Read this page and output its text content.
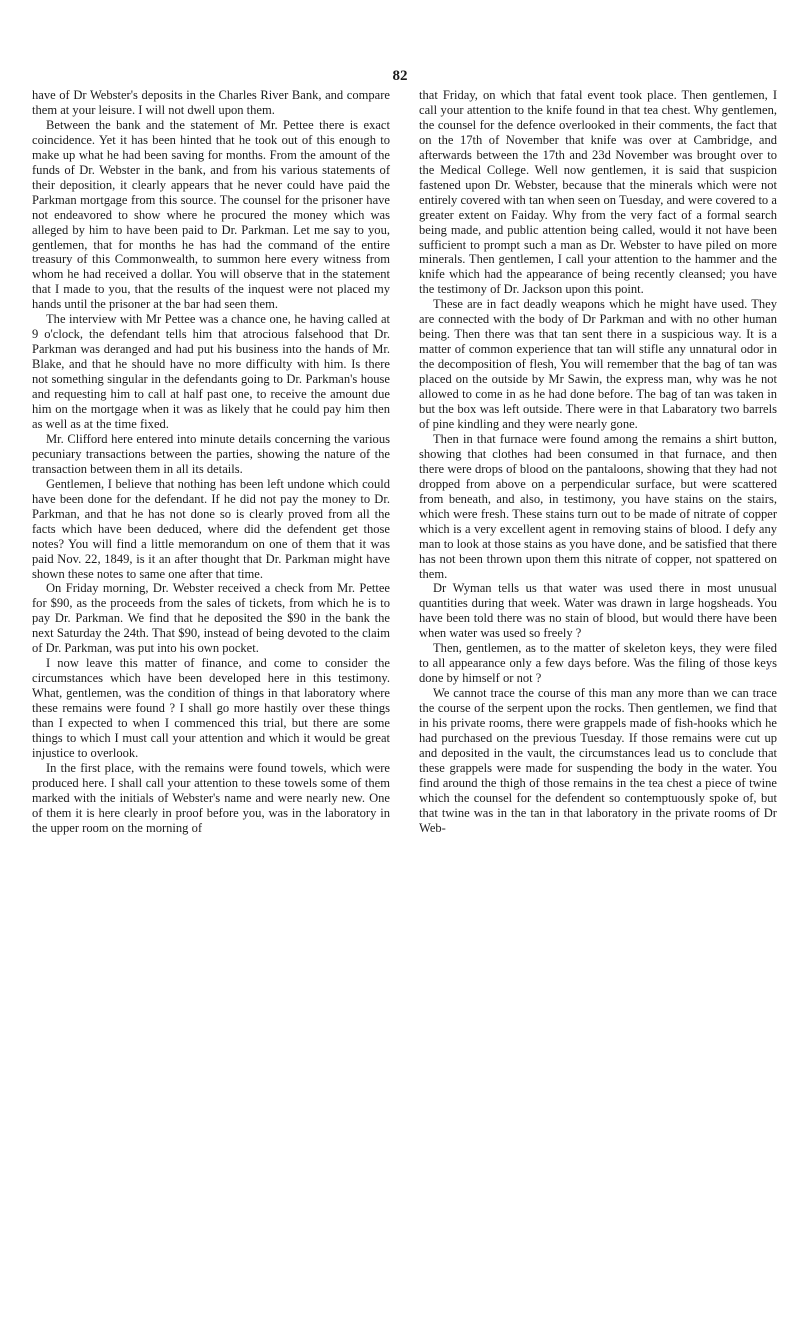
82

have of Dr Webster's deposits in the Charles River Bank, and compare them at your leisure. I will not dwell upon them.

Between the bank and the statement of Mr. Pettee there is exact coincidence. Yet it has been hinted that he took out of this enough to make up what he had been saving for months. From the amount of the funds of Dr. Webster in the bank, and from his various statements of their deposition, it clearly appears that he never could have paid the Parkman mortgage from this source. The counsel for the prisoner have not endeavored to show where he procured the money which was alleged by him to have been paid to Dr. Parkman. Let me say to you, gentlemen, that for months he has had the command of the entire treasury of this Commonwealth, to summon here every witness from whom he had received a dollar. You will observe that in the statement that I made to you, that the results of the inquest were not placed my hands until the prisoner at the bar had seen them.

The interview with Mr Pettee was a chance one, he having called at 9 o'clock, the defendant tells him that atrocious falsehood that Dr. Parkman was deranged and had put his business into the hands of Mr. Blake, and that he should have no more difficulty with him. Is there not something singular in the defendants going to Dr. Parkman's house and requesting him to call at half past one, to receive the amount due him on the mortgage when it was as likely that he could pay him then as well as at the time fixed.

Mr. Clifford here entered into minute details concerning the various pecuniary transactions between the parties, showing the nature of the transaction between them in all its details.

Gentlemen, I believe that nothing has been left undone which could have been done for the defendant. If he did not pay the money to Dr. Parkman, and that he has not done so is clearly proved from all the facts which have been deduced, where did the defendent get those notes? You will find a little memorandum on one of them that it was paid Nov. 22, 1849, is it an after thought that Dr. Parkman might have shown these notes to same one after that time.

On Friday morning, Dr. Webster received a check from Mr. Pettee for $90, as the proceeds from the sales of tickets, from which he is to pay Dr. Parkman. We find that he deposited the $90 in the bank the next Saturday the 24th. That $90, instead of being devoted to the claim of Dr. Parkman, was put into his own pocket.

I now leave this matter of finance, and come to consider the circumstances which have been developed here in this testimony. What, gentlemen, was the condition of things in that laboratory where these remains were found ? I shall go more hastily over these things than I expected to when I commenced this trial, but there are some things to which I must call your attention and which it would be great injustice to overlook.

In the first place, with the remains were found towels, which were produced here. I shall call your attention to these towels some of them marked with the initials of Webster's name and were nearly new. One of them it is here clearly in proof before you, was in the laboratory in the upper room on the morning of

that Friday, on which that fatal event took place. Then gentlemen, I call your attention to the knife found in that tea chest. Why gentlemen, the counsel for the defence overlooked in their comments, the fact that on the 17th of November that knife was over at Cambridge, and afterwards between the 17th and 23d November was brought over to the Medical College. Well now gentlemen, it is said that suspicion fastened upon Dr. Webster, because that the minerals which were not entirely covered with tan when seen on Tuesday, and were covered to a greater extent on Faiday. Why from the very fact of a formal search being made, and public attention being called, would it not have been sufficient to prompt such a man as Dr. Webster to have piled on more minerals. Then gentlemen, I call your attention to the hammer and the knife which had the appearance of being recently cleansed; you have the testimony of Dr. Jackson upon this point.

These are in fact deadly weapons which he might have used. They are connected with the body of Dr Parkman and with no other human being. Then there was that tan sent there in a suspicious way. It is a matter of common experience that tan will stifle any unnatural odor in the decomposition of flesh, You will remember that the bag of tan was placed on the outside by Mr Sawin, the express man, why was he not allowed to come in as he had done before. The bag of tan was taken in but the box was left outside. There were in that Labaratory two barrels of pine kindling and they were nearly gone.

Then in that furnace were found among the remains a shirt button, showing that clothes had been consumed in that furnace, and then there were drops of blood on the pantaloons, showing that they had not dropped from above on a perpendicular surface, but were scattered from beneath, and also, in testimony, you have stains on the stairs, which were fresh. These stains turn out to be made of nitrate of copper which is a very excellent agent in removing stains of blood. I defy any man to look at those stains as you have done, and be satisfied that there has not been thrown upon them this nitrate of copper, not spattered on them.

Dr Wyman tells us that water was used there in most unusual quantities during that week. Water was drawn in large hogsheads. You have been told there was no stain of blood, but would there have been when water was used so freely ?

Then, gentlemen, as to the matter of skeleton keys, they were filed to all appearance only a few days before. Was the filing of those keys done by himself or not ?

We cannot trace the course of this man any more than we can trace the course of the serpent upon the rocks. Then gentlemen, we find that in his private rooms, there were grappels made of fish-hooks which he had purchased on the previous Tuesday. If those remains were cut up and deposited in the vault, the circumstances lead us to conclude that these grappels were made for suspending the body in the water. You find around the thigh of those remains in the tea chest a piece of twine which the counsel for the defendent so contemptuously spoke of, but that twine was in the tan in that laboratory in the private rooms of Dr Web-
